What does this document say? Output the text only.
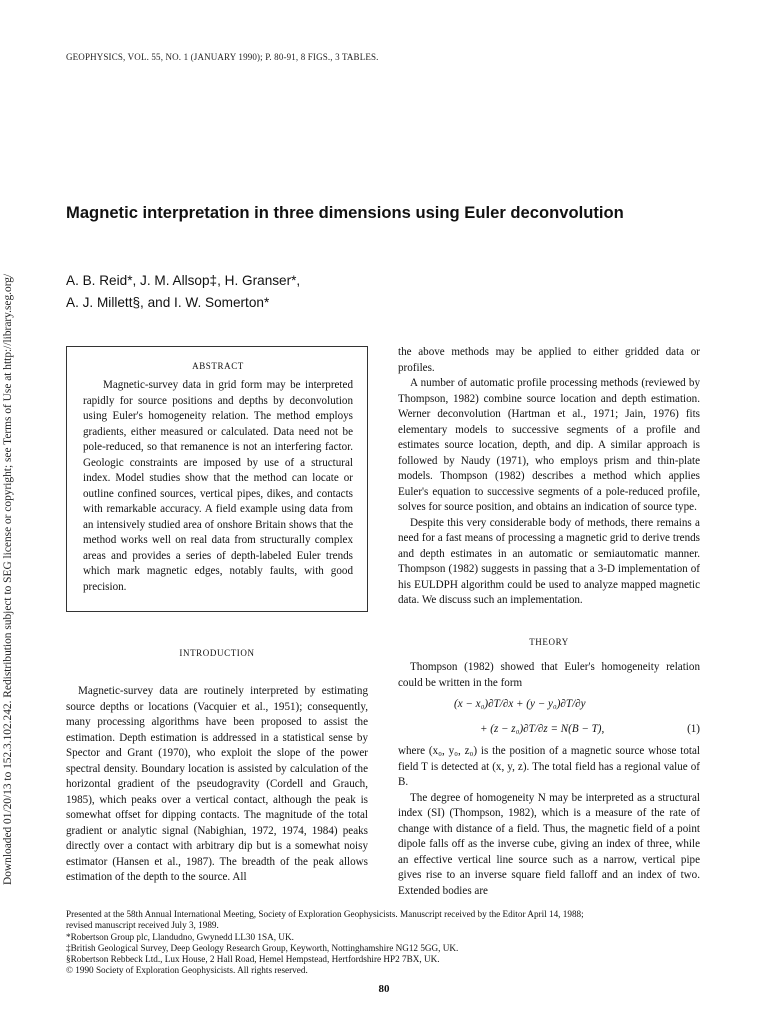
Downloaded 01/20/13 to 152.3.102.242. Redistribution subject to SEG license or copyright; see Terms of Use at http://library.seg.org/
GEOPHYSICS, VOL. 55, NO. 1 (JANUARY 1990); P. 80-91, 8 FIGS., 3 TABLES.
Magnetic interpretation in three dimensions using Euler deconvolution
A. B. Reid*, J. M. Allsop‡, H. Granser*,
A. J. Millett§, and I. W. Somerton*
ABSTRACT

Magnetic-survey data in grid form may be interpreted rapidly for source positions and depths by deconvolution using Euler's homogeneity relation. The method employs gradients, either measured or calculated. Data need not be pole-reduced, so that remanence is not an interfering factor. Geologic constraints are imposed by use of a structural index. Model studies show that the method can locate or outline confined sources, vertical pipes, dikes, and contacts with remarkable accuracy. A field example using data from an intensively studied area of onshore Britain shows that the method works well on real data from structurally complex areas and provides a series of depth-labeled Euler trends which mark magnetic edges, notably faults, with good precision.

INTRODUCTION

Magnetic-survey data are routinely interpreted by estimating source depths or locations (Vacquier et al., 1951); consequently, many processing algorithms have been proposed to assist the estimation. Depth estimation is addressed in a statistical sense by Spector and Grant (1970), who exploit the slope of the power spectral density. Boundary location is assisted by calculation of the horizontal gradient of the pseudogravity (Cordell and Grauch, 1985), which peaks over a vertical contact, although the peak is somewhat offset for dipping contacts. The magnitude of the total gradient or analytic signal (Nabighian, 1972, 1974, 1984) peaks directly over a contact with arbitrary dip but is a somewhat noisy estimator (Hansen et al., 1987). The breadth of the peak allows estimation of the depth to the source. All

the above methods may be applied to either gridded data or profiles.

A number of automatic profile processing methods (reviewed by Thompson, 1982) combine source location and depth estimation. Werner deconvolution (Hartman et al., 1971; Jain, 1976) fits elementary models to successive segments of a profile and estimates source location, depth, and dip. A similar approach is followed by Naudy (1971), who employs prism and thin-plate models. Thompson (1982) describes a method which applies Euler's equation to successive segments of a pole-reduced profile, solves for source position, and obtains an indication of source type.

Despite this very considerable body of methods, there remains a need for a fast means of processing a magnetic grid to derive trends and depth estimates in an automatic or semiautomatic manner. Thompson (1982) suggests in passing that a 3-D implementation of his EULDPH algorithm could be used to analyze mapped magnetic data. We discuss such an implementation.

THEORY

Thompson (1982) showed that Euler's homogeneity relation could be written in the form

(x − x₀)∂T/∂x + (y − y₀)∂T/∂y
+ (z − z₀)∂T/∂z = N(B − T),	(1)

where (x₀, y₀, z₀) is the position of a magnetic source whose total field T is detected at (x, y, z). The total field has a regional value of B.

The degree of homogeneity N may be interpreted as a structural index (SI) (Thompson, 1982), which is a measure of the rate of change with distance of a field. Thus, the magnetic field of a point dipole falls off as the inverse cube, giving an index of three, while an effective vertical line source such as a narrow, vertical pipe gives rise to an inverse square field falloff and an index of two. Extended bodies are

Presented at the 58th Annual International Meeting, Society of Exploration Geophysicists. Manuscript received by the Editor April 14, 1988;
revised manuscript received July 3, 1989.
*Robertson Group plc, Llandudno, Gwynedd LL30 1SA, UK.
‡British Geological Survey, Deep Geology Research Group, Keyworth, Nottinghamshire NG12 5GG, UK.
§Robertson Rebbeck Ltd., Lux House, 2 Hall Road, Hemel Hempstead, Hertfordshire HP2 7BX, UK.
© 1990 Society of Exploration Geophysicists. All rights reserved.
80
